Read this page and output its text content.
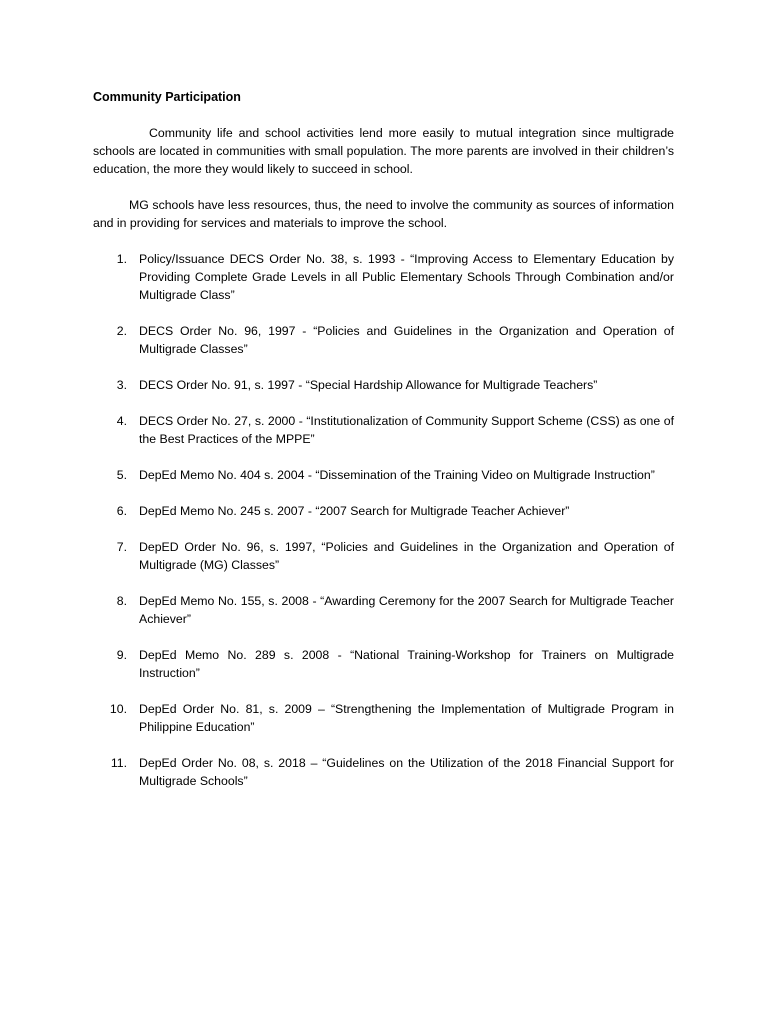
Community Participation

Community life and school activities lend more easily to mutual integration since multigrade schools are located in communities with small population. The more parents are involved in their children’s education, the more they would likely to succeed in school.

MG schools have less resources, thus, the need to involve the community as sources of information and in providing for services and materials to improve the school.

1. Policy/Issuance DECS Order No. 38, s. 1993 - “Improving Access to Elementary Education by Providing Complete Grade Levels in all Public Elementary Schools Through Combination and/or Multigrade Class”
2. DECS Order No. 96, 1997 - “Policies and Guidelines in the Organization and Operation of Multigrade Classes”
3. DECS Order No. 91, s. 1997 - “Special Hardship Allowance for Multigrade Teachers”
4. DECS Order No. 27, s. 2000 - “Institutionalization of Community Support Scheme (CSS) as one of the Best Practices of the MPPE”
5. DepEd Memo No. 404 s. 2004 - “Dissemination of the Training Video on Multigrade Instruction”
6. DepEd Memo No. 245 s. 2007 - “2007 Search for Multigrade Teacher Achiever”
7. DepED Order No. 96, s. 1997, “Policies and Guidelines in the Organization and Operation of Multigrade (MG) Classes”
8. DepEd Memo No. 155, s. 2008 - “Awarding Ceremony for the 2007 Search for Multigrade Teacher Achiever”
9. DepEd Memo No. 289 s. 2008 - “National Training-Workshop for Trainers on Multigrade Instruction”
10. DepEd Order No. 81, s. 2009 – “Strengthening the Implementation of Multigrade Program in Philippine Education”
11. DepEd Order No. 08, s. 2018 – “Guidelines on the Utilization of the 2018 Financial Support for Multigrade Schools”
